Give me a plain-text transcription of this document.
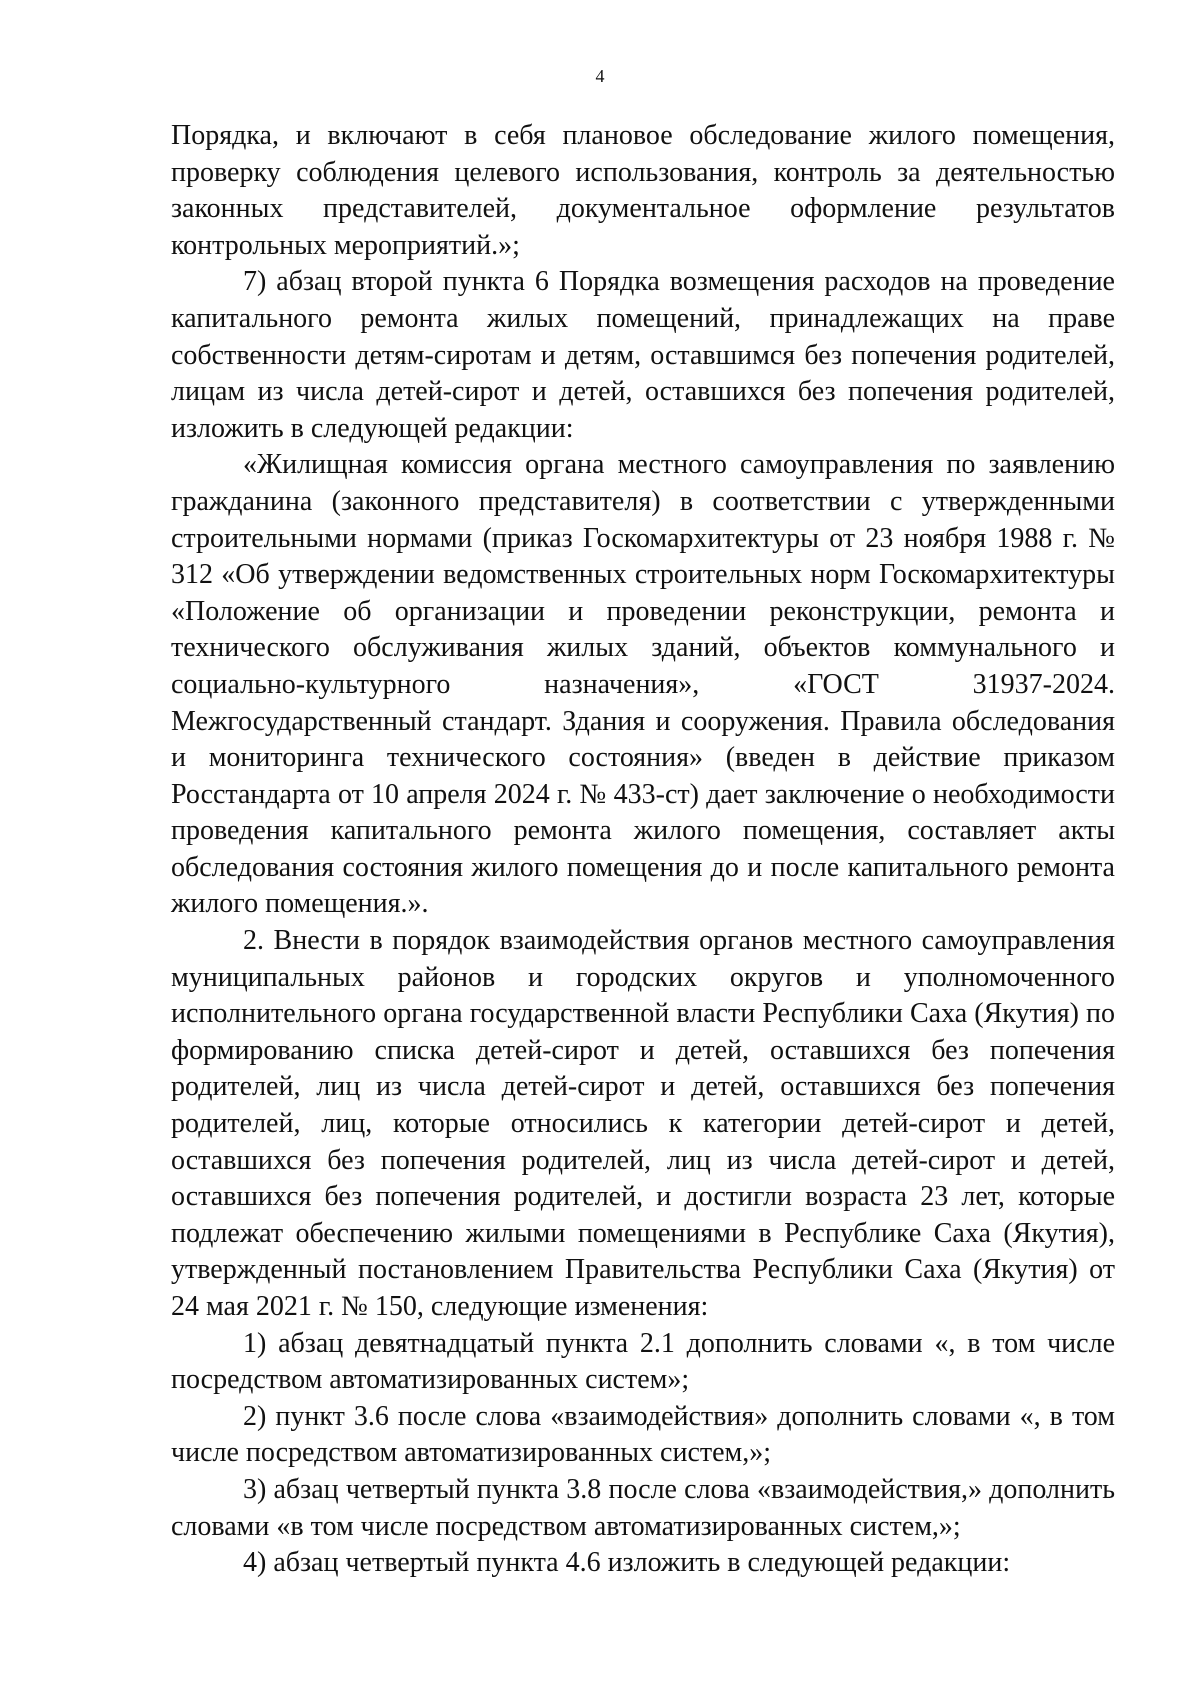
4

Порядка, и включают в себя плановое обследование жилого помещения, проверку соблюдения целевого использования, контроль за деятельностью законных представителей, документальное оформление результатов контрольных мероприятий.»;

7) абзац второй пункта 6 Порядка возмещения расходов на проведение капитального ремонта жилых помещений, принадлежащих на праве собственности детям-сиротам и детям, оставшимся без попечения родителей, лицам из числа детей-сирот и детей, оставшихся без попечения родителей, изложить в следующей редакции:

«Жилищная комиссия органа местного самоуправления по заявлению гражданина (законного представителя) в соответствии с утвержденными строительными нормами (приказ Госкомархитектуры от 23 ноября 1988 г. № 312 «Об утверждении ведомственных строительных норм Госкомархитектуры «Положение об организации и проведении реконструкции, ремонта и технического обслуживания жилых зданий, объектов коммунального и социально-культурного назначения», «ГОСТ 31937-2024. Межгосударственный стандарт. Здания и сооружения. Правила обследования и мониторинга технического состояния» (введен в действие приказом Росстандарта от 10 апреля 2024 г. № 433-ст) дает заключение о необходимости проведения капитального ремонта жилого помещения, составляет акты обследования состояния жилого помещения до и после капитального ремонта жилого помещения.».

2. Внести в порядок взаимодействия органов местного самоуправления муниципальных районов и городских округов и уполномоченного исполнительного органа государственной власти Республики Саха (Якутия) по формированию списка детей-сирот и детей, оставшихся без попечения родителей, лиц из числа детей-сирот и детей, оставшихся без попечения родителей, лиц, которые относились к категории детей-сирот и детей, оставшихся без попечения родителей, лиц из числа детей-сирот и детей, оставшихся без попечения родителей, и достигли возраста 23 лет, которые подлежат обеспечению жилыми помещениями в Республике Саха (Якутия), утвержденный постановлением Правительства Республики Саха (Якутия) от 24 мая 2021 г. № 150, следующие изменения:

1) абзац девятнадцатый пункта 2.1 дополнить словами «, в том числе посредством автоматизированных систем»;

2) пункт 3.6 после слова «взаимодействия» дополнить словами «, в том числе посредством автоматизированных систем,»;

3) абзац четвертый пункта 3.8 после слова «взаимодействия,» дополнить словами «в том числе посредством автоматизированных систем,»;

4) абзац четвертый пункта 4.6 изложить в следующей редакции:
